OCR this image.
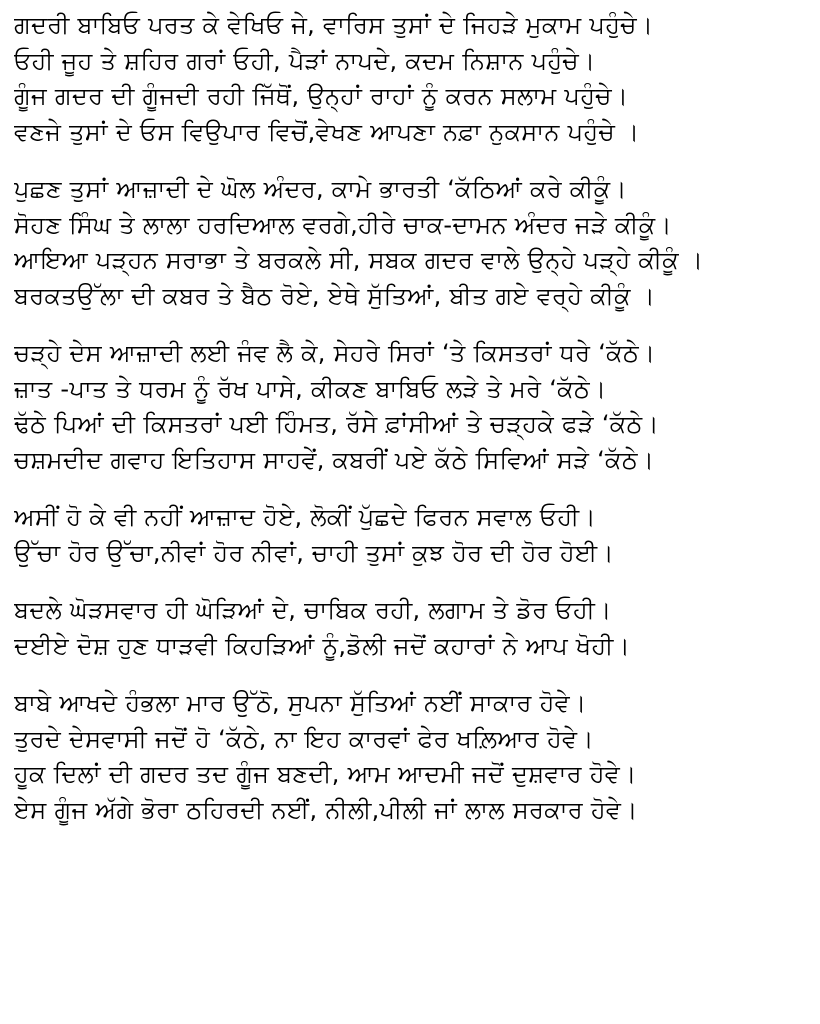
ਗਦਰੀ ਬਾਬਿਓ ਪਰਤ ਕੇ ਵੇਖਿਓ ਜੇ, ਵਾਰਿਸ ਤੁਸਾਂ ਦੇ ਜਿਹੜੇ ਮੁਕਾਮ ਪਹੁੰਚੇ।
ਓਹੀ ਜੂਹ ਤੇ ਸ਼ਹਿਰ ਗਰਾਂ ਓਹੀ, ਪੈੜਾਂ ਨਾਪਦੇ, ਕਦਮ ਨਿਸ਼ਾਨ ਪਹੁੰਚੇ।
ਗੂੰਜ ਗਦਰ ਦੀ ਗੂੰਜਦੀ ਰਹੀ ਜਿੱਥੋਂ, ਉਨ੍ਹਾਂ ਰਾਹਾਂ ਨੂੰ ਕਰਨ ਸਲਾਮ ਪਹੁੰਚੇ।
ਵਣਜੇ ਤੁਸਾਂ ਦੇ ਓਸ ਵਿਉਪਾਰ ਵਿਚੋਂ,ਵੇਖਣ ਆਪਣਾ ਨਫ਼ਾ ਨੁਕਸਾਨ ਪਹੁੰਚੇ ।
ਪੁਛਣ ਤੁਸਾਂ ਆਜ਼ਾਦੀ ਦੇ ਘੋਲ ਅੰਦਰ, ਕਾਮੇ ਭਾਰਤੀ ‘ਕੱਠਿਆਂ ਕਰੇ ਕੀਕੂੰ।
ਸੋਹਣ ਸਿੰਘ ਤੇ ਲਾਲਾ ਹਰਦਿਆਲ ਵਰਗੇ,ਹੀਰੇ ਚਾਕ-ਦਾਮਨ ਅੰਦਰ ਜੜੇ ਕੀਕੂੰ।
ਆਇਆ ਪੜ੍ਹਨ ਸਰਾਭਾ ਤੇ ਬਰਕਲੇ ਸੀ, ਸਬਕ ਗਦਰ ਵਾਲੇ ਉਨ੍ਹੇ ਪੜ੍ਹੇ ਕੀਕੂੰ ।
ਬਰਕਤਉੱਲਾ ਦੀ ਕਬਰ ਤੇ ਬੈਠ ਰੋਏ, ਏਥੇ ਸੁੱਤਿਆਂ, ਬੀਤ ਗਏ ਵਰ੍ਹੇ ਕੀਕੂੰ ।
ਚੜ੍ਹੇ ਦੇਸ ਆਜ਼ਾਦੀ ਲਈ ਜੰਵ ਲੈ ਕੇ, ਸੇਹਰੇ ਸਿਰਾਂ ‘ਤੇ ਕਿਸਤਰਾਂ ਧਰੇ ‘ਕੱਠੇ।
ਜ਼ਾਤ -ਪਾਤ ਤੇ ਧਰਮ ਨੂੰ ਰੱਖ ਪਾਸੇ, ਕੀਕਣ ਬਾਬਿਓ ਲੜੇ ਤੇ ਮਰੇ ‘ਕੱਠੇ।
ਢੱਠੇ ਪਿਆਂ ਦੀ ਕਿਸਤਰਾਂ ਪਈ ਹਿੰਮਤ, ਰੱਸੇ ਫ਼ਾਂਸੀਆਂ ਤੇ ਚੜ੍ਹਕੇ ਫੜੇ ‘ਕੱਠੇ।
ਚਸ਼ਮਦੀਦ ਗਵਾਹ ਇਤਿਹਾਸ ਸਾਹਵੇਂ, ਕਬਰੀਂ ਪਏ ਕੱਠੇ ਸਿਵਿਆਂ ਸੜੇ ‘ਕੱਠੇ।
ਅਸੀਂ ਹੋ ਕੇ ਵੀ ਨਹੀਂ ਆਜ਼ਾਦ ਹੋਏ, ਲੋਕੀਂ ਪੁੱਛਦੇ ਫਿਰਨ ਸਵਾਲ ਓਹੀ।
ਉੱਚਾ ਹੋਰ ਉੱਚਾ,ਨੀਵਾਂ ਹੋਰ ਨੀਵਾਂ, ਚਾਹੀ ਤੁਸਾਂ ਕੁਝ ਹੋਰ ਦੀ ਹੋਰ ਹੋਈ।
ਬਦਲੇ ਘੋੜਸਵਾਰ ਹੀ ਘੋੜਿਆਂ ਦੇ, ਚਾਬਿਕ ਰਹੀ, ਲਗਾਮ ਤੇ ਡੋਰ ਓਹੀ।
ਦਈਏ ਦੋਸ਼ ਹੁਣ ਧਾੜਵੀ ਕਿਹੜਿਆਂ ਨੂੰ,ਡੋਲੀ ਜਦੋਂ ਕਹਾਰਾਂ ਨੇ ਆਪ ਖੋਹੀ।
ਬਾਬੇ ਆਖਦੇ ਹੰਭਲਾ ਮਾਰ ਉੱਠੋ, ਸੁਪਨਾ ਸੁੱਤਿਆਂ ਨਈਂ ਸਾਕਾਰ ਹੋਵੇ।
ਤੁਰਦੇ ਦੇਸਵਾਸੀ ਜਦੋਂ ਹੋ ‘ਕੱਠੇ, ਨਾ ਇਹ ਕਾਰਵਾਂ ਫੇਰ ਖਲ਼ਿਆਰ ਹੋਵੇ।
ਹੂਕ ਦਿਲਾਂ ਦੀ ਗਦਰ ਤਦ ਗੂੰਜ ਬਣਦੀ, ਆਮ ਆਦਮੀ ਜਦੋਂ ਦੁਸ਼ਵਾਰ ਹੋਵੇ।
ਏਸ ਗੂੰਜ ਅੱਗੇ ਭੋਰਾ ਠਹਿਰਦੀ ਨਈਂ, ਨੀਲੀ,ਪੀਲੀ ਜਾਂ ਲਾਲ ਸਰਕਾਰ ਹੋਵੇ।
